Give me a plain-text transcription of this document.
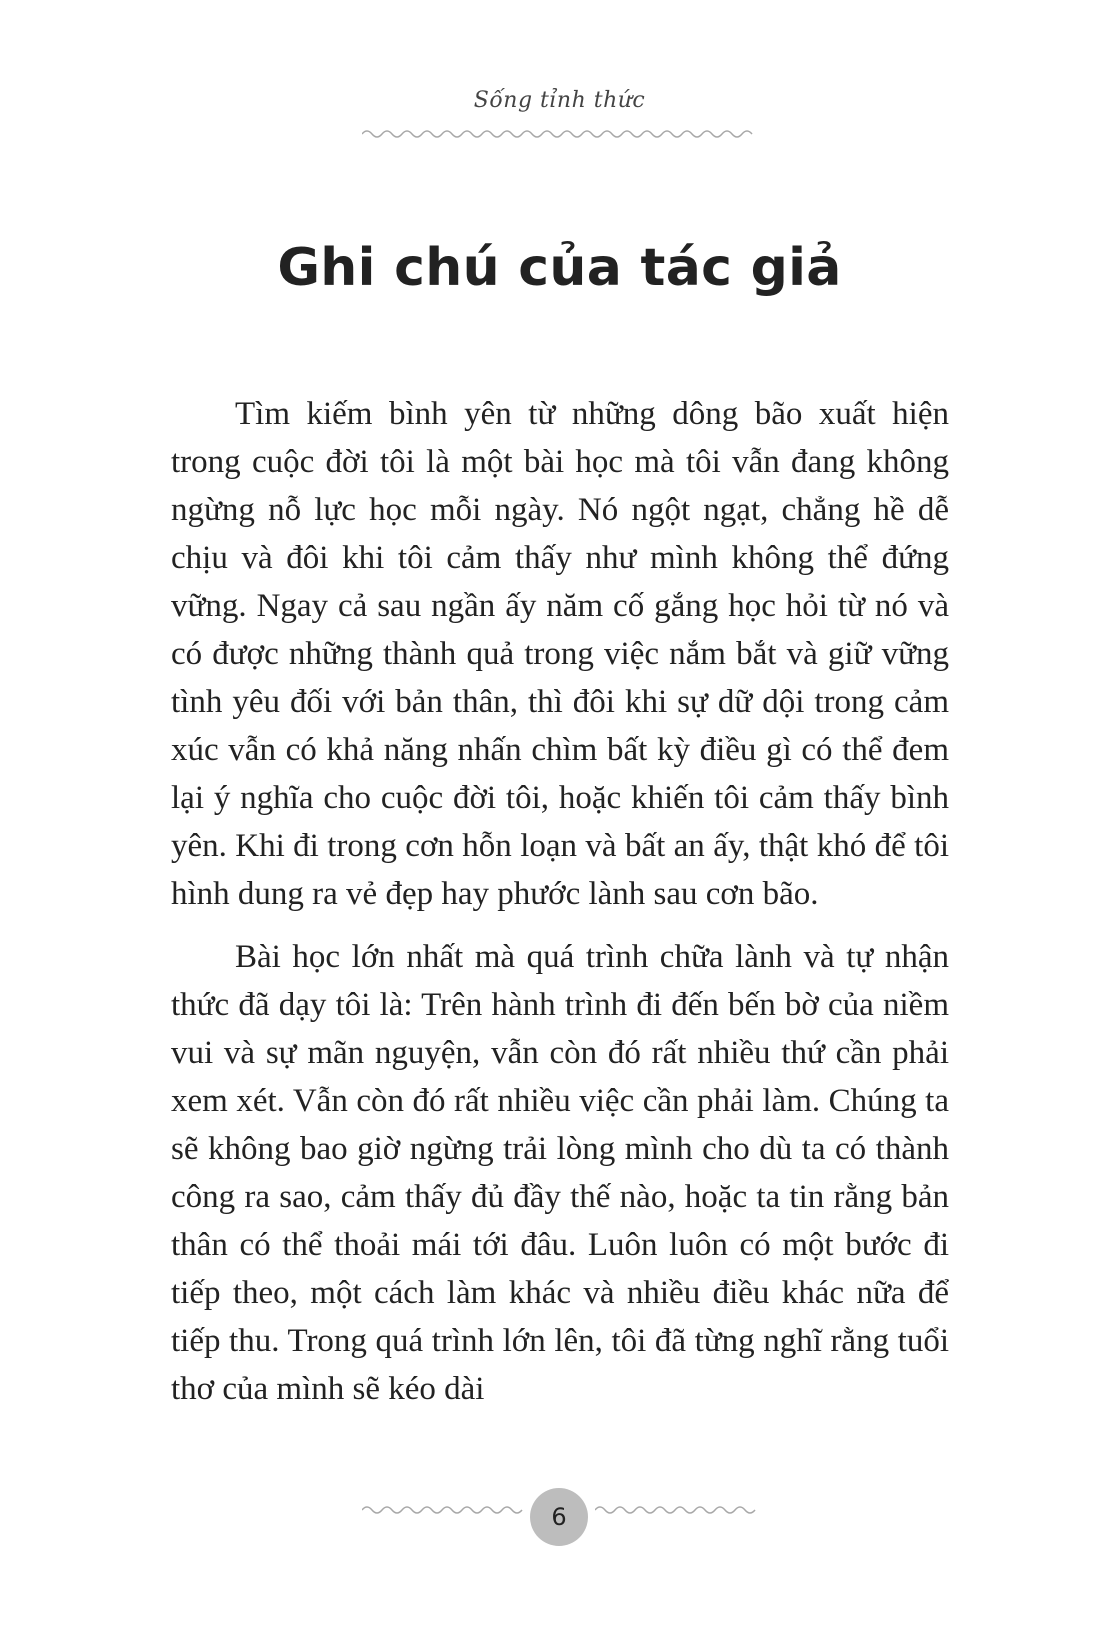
Sống tỉnh thức
Ghi chú của tác giả

Tìm kiếm bình yên từ những dông bão xuất hiện trong cuộc đời tôi là một bài học mà tôi vẫn đang không ngừng nỗ lực học mỗi ngày. Nó ngột ngạt, chẳng hề dễ chịu và đôi khi tôi cảm thấy như mình không thể đứng vững. Ngay cả sau ngần ấy năm cố gắng học hỏi từ nó và có được những thành quả trong việc nắm bắt và giữ vững tình yêu đối với bản thân, thì đôi khi sự dữ dội trong cảm xúc vẫn có khả năng nhấn chìm bất kỳ điều gì có thể đem lại ý nghĩa cho cuộc đời tôi, hoặc khiến tôi cảm thấy bình yên. Khi đi trong cơn hỗn loạn và bất an ấy, thật khó để tôi hình dung ra vẻ đẹp hay phước lành sau cơn bão.

Bài học lớn nhất mà quá trình chữa lành và tự nhận thức đã dạy tôi là: Trên hành trình đi đến bến bờ của niềm vui và sự mãn nguyện, vẫn còn đó rất nhiều thứ cần phải xem xét. Vẫn còn đó rất nhiều việc cần phải làm. Chúng ta sẽ không bao giờ ngừng trải lòng mình cho dù ta có thành công ra sao, cảm thấy đủ đầy thế nào, hoặc ta tin rằng bản thân có thể thoải mái tới đâu. Luôn luôn có một bước đi tiếp theo, một cách làm khác và nhiều điều khác nữa để tiếp thu. Trong quá trình lớn lên, tôi đã từng nghĩ rằng tuổi thơ của mình sẽ kéo dài

6
